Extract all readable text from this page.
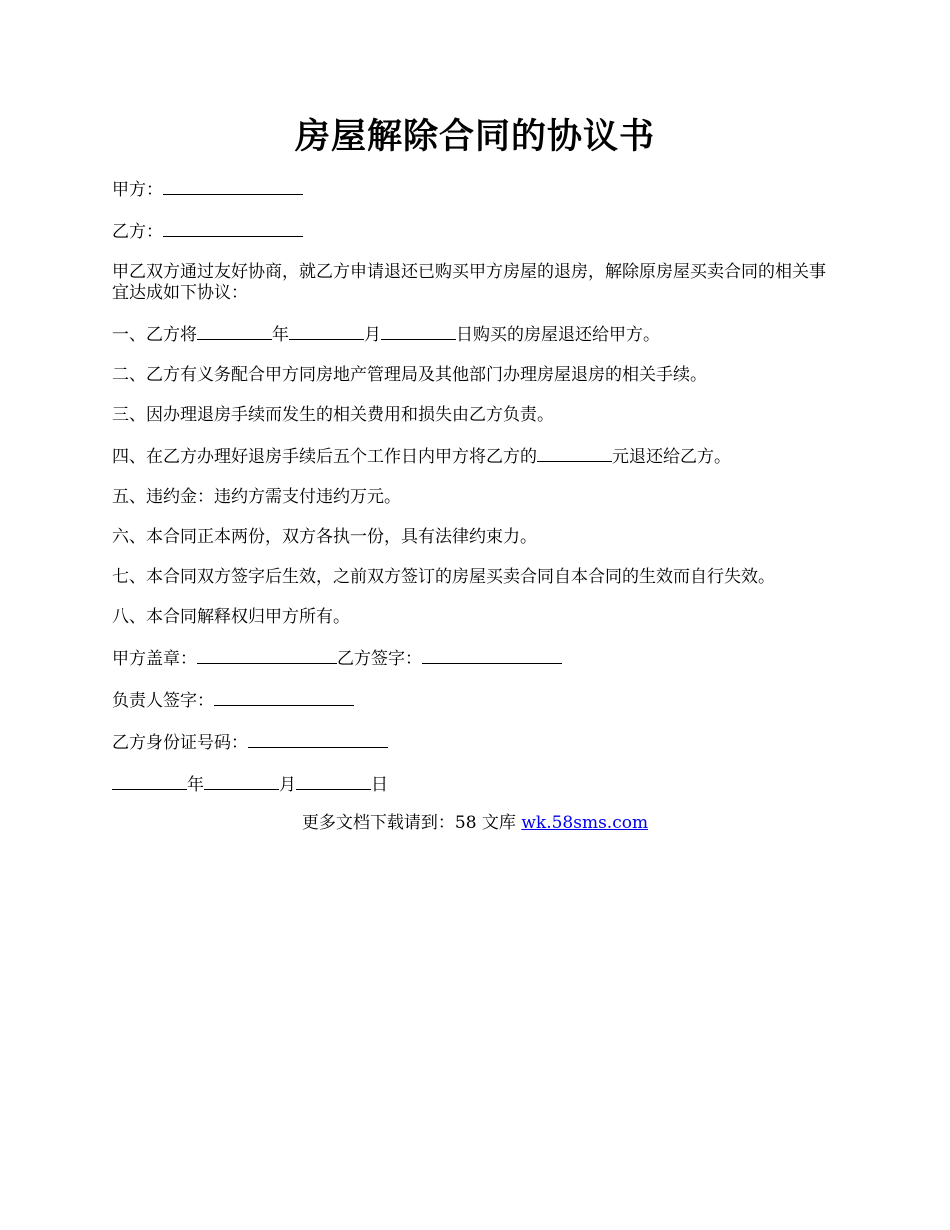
房屋解除合同的协议书

甲方：

乙方：

甲乙双方通过友好协商，就乙方申请退还已购买甲方房屋的退房，解除原房屋买卖合同的相关事宜达成如下协议：

一、乙方将	年	月	日购买的房屋退还给甲方。

二、乙方有义务配合甲方同房地产管理局及其他部门办理房屋退房的相关手续。

三、因办理退房手续而发生的相关费用和损失由乙方负责。

四、在乙方办理好退房手续后五个工作日内甲方将乙方的	元退还给乙方。

五、违约金：违约方需支付违约万元。

六、本合同正本两份，双方各执一份，具有法律约束力。

七、本合同双方签字后生效，之前双方签订的房屋买卖合同自本合同的生效而自行失效。

八、本合同解释权归甲方所有。

甲方盖章：	乙方签字：

负责人签字：

乙方身份证号码：

年	月	日

更多文档下载请到：58 文库 wk.58sms.com
